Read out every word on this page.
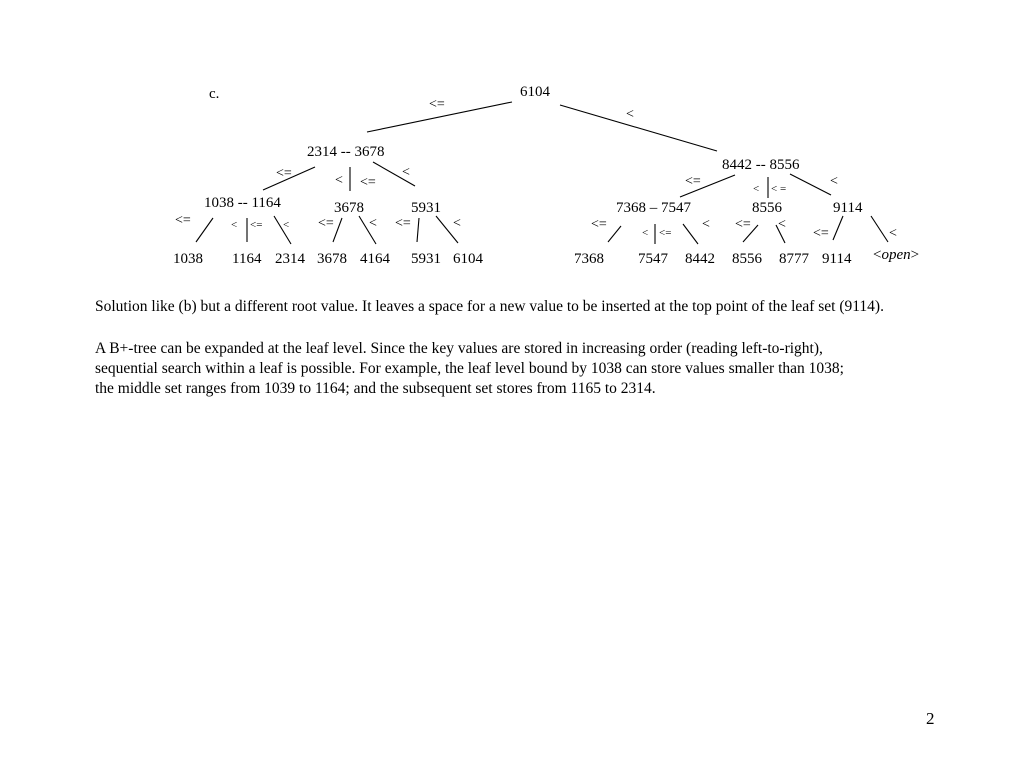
c.	6104
2314 -- 3678
8442 -- 8556
1038 -- 1164	3678	5931	7368 – 7547	8556	9114
<=
<
<=	< <=
<
<=	< <= < <=	< <=	<
<=	< < =	<
<=
< <=
< <= <
<=	<
1038 1164 2314 3678 4164 5931 6104	7368 7547 8442 8556 8777 9114 <open>
Solution like (b) but a different root value. It leaves a space for a new value to be inserted at the top point of the leaf set (9114).
A B+-tree can be expanded at the leaf level. Since the key values are stored in increasing order (reading left-to-right),
sequential search within a leaf is possible. For example, the leaf level bound by 1038 can store values smaller than 1038;
the middle set ranges from 1039 to 1164; and the subsequent set stores from 1165 to 2314.
2
